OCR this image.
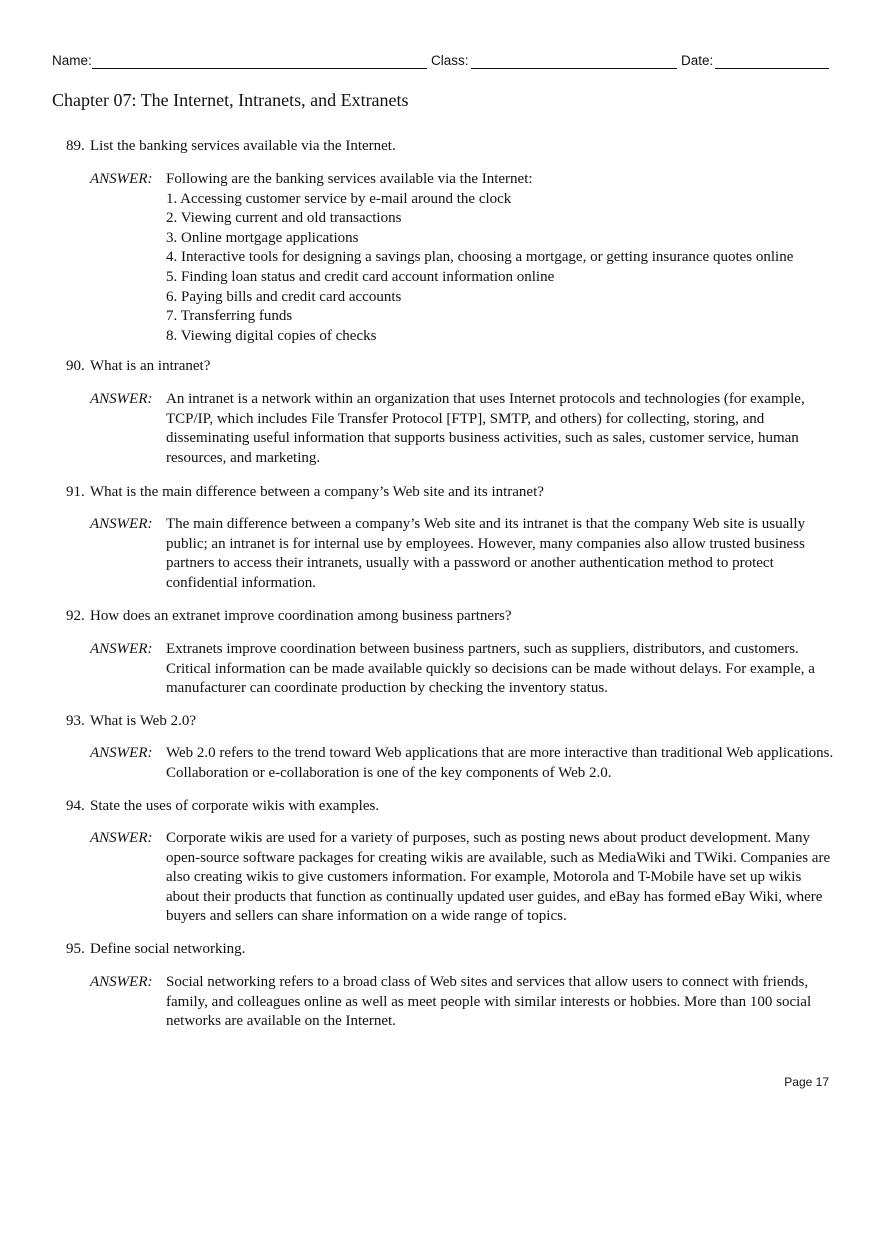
Name:	Class:	Date:
Chapter 07: The Internet, Intranets, and Extranets
89. List the banking services available via the Internet.
ANSWER: Following are the banking services available via the Internet:

1. Accessing customer service by e-mail around the clock
2. Viewing current and old transactions
3. Online mortgage applications
4. Interactive tools for designing a savings plan, choosing a mortgage, or getting insurance quotes online
5. Finding loan status and credit card account information online
6. Paying bills and credit card accounts
7. Transferring funds
8. Viewing digital copies of checks
90. What is an intranet?
ANSWER: An intranet is a network within an organization that uses Internet protocols and technologies (for example, TCP/IP, which includes File Transfer Protocol [FTP], SMTP, and others) for collecting, storing, and disseminating useful information that supports business activities, such as sales, customer service, human resources, and marketing.
91. What is the main difference between a company’s Web site and its intranet?
ANSWER: The main difference between a company’s Web site and its intranet is that the company Web site is usually public; an intranet is for internal use by employees. However, many companies also allow trusted business partners to access their intranets, usually with a password or another authentication method to protect confidential information.
92. How does an extranet improve coordination among business partners?
ANSWER: Extranets improve coordination between business partners, such as suppliers, distributors, and customers. Critical information can be made available quickly so decisions can be made without delays. For example, a manufacturer can coordinate production by checking the inventory status.
93. What is Web 2.0?
ANSWER: Web 2.0 refers to the trend toward Web applications that are more interactive than traditional Web applications. Collaboration or e-collaboration is one of the key components of Web 2.0.
94. State the uses of corporate wikis with examples.
ANSWER: Corporate wikis are used for a variety of purposes, such as posting news about product development. Many open-source software packages for creating wikis are available, such as MediaWiki and TWiki. Companies are also creating wikis to give customers information. For example, Motorola and T-Mobile have set up wikis about their products that function as continually updated user guides, and eBay has formed eBay Wiki, where buyers and sellers can share information on a wide range of topics.
95. Define social networking.
ANSWER: Social networking refers to a broad class of Web sites and services that allow users to connect with friends, family, and colleagues online as well as meet people with similar interests or hobbies. More than 100 social networks are available on the Internet.
Page 17
